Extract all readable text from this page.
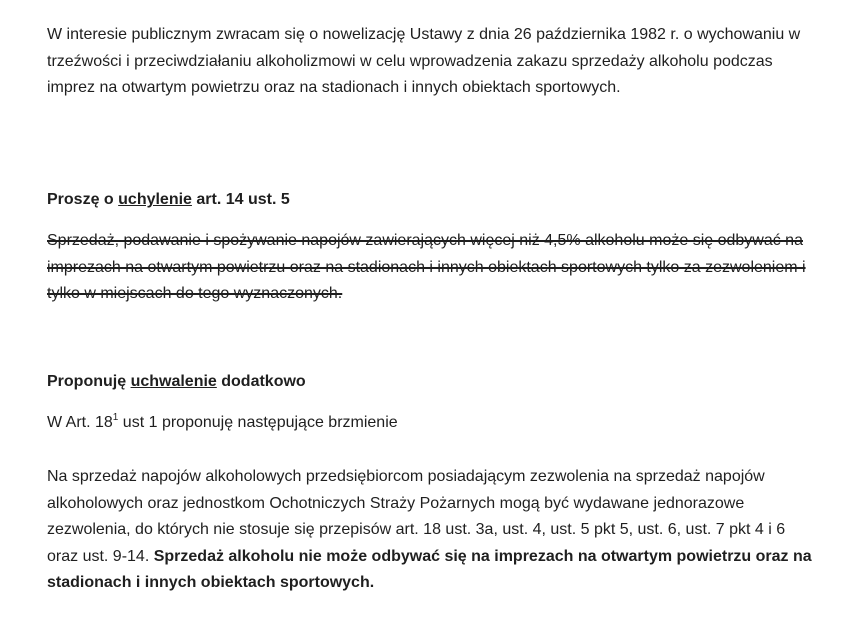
W interesie publicznym zwracam się o nowelizację Ustawy z dnia 26 października 1982 r. o wychowaniu w trzeźwości i przeciwdziałaniu alkoholizmowi w celu wprowadzenia zakazu sprzedaży alkoholu podczas imprez na otwartym powietrzu oraz na stadionach i innych obiektach sportowych.

Proszę o uchylenie art. 14 ust. 5

Sprzedaż, podawanie i spożywanie napojów zawierających więcej niż 4,5% alkoholu może się odbywać na imprezach na otwartym powietrzu oraz na stadionach i innych obiektach sportowych tylko za zezwoleniem i tylko w miejscach do tego wyznaczonych.

Proponuję uchwalenie dodatkowo

W Art. $18^1$ ust 1 proponuję następujące brzmienie

Na sprzedaż napojów alkoholowych przedsiębiorcom posiadającym zezwolenia na sprzedaż napojów alkoholowych oraz jednostkom Ochotniczych Straży Pożarnych mogą być wydawane jednorazowe zezwolenia, do których nie stosuje się przepisów art. 18 ust. 3a, ust. 4, ust. 5 pkt 5, ust. 6, ust. 7 pkt 4 i 6 oraz ust. 9-14. Sprzedaż alkoholu nie może odbywać się na imprezach na otwartym powietrzu oraz na stadionach i innych obiektach sportowych.
